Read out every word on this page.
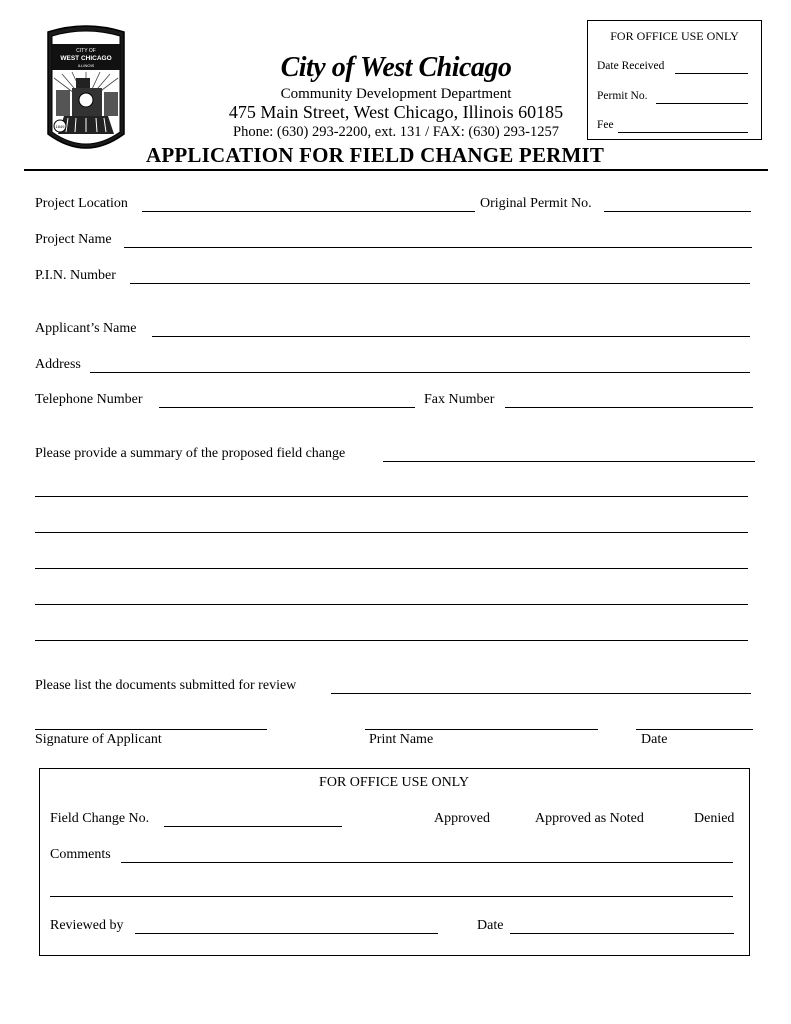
CITY OF
WEST CHICAGO
ILLINOIS
1849
City of West Chicago
Community Development Department
475 Main Street, West Chicago, Illinois 60185
Phone: (630) 293-2200, ext. 131 / FAX: (630) 293-1257
APPLICATION FOR FIELD CHANGE PERMIT
FOR OFFICE USE ONLY
Date Received
Permit No.
Fee
Project Location	Original Permit No.
Project Name
P.I.N. Number
Applicant’s Name
Address
Telephone Number	Fax Number
Please provide a summary of the proposed field change
Please list the documents submitted for review
Signature of Applicant	Print Name	Date
FOR OFFICE USE ONLY
Field Change No.	Approved	Approved as Noted	Denied
Comments
Reviewed by	Date
